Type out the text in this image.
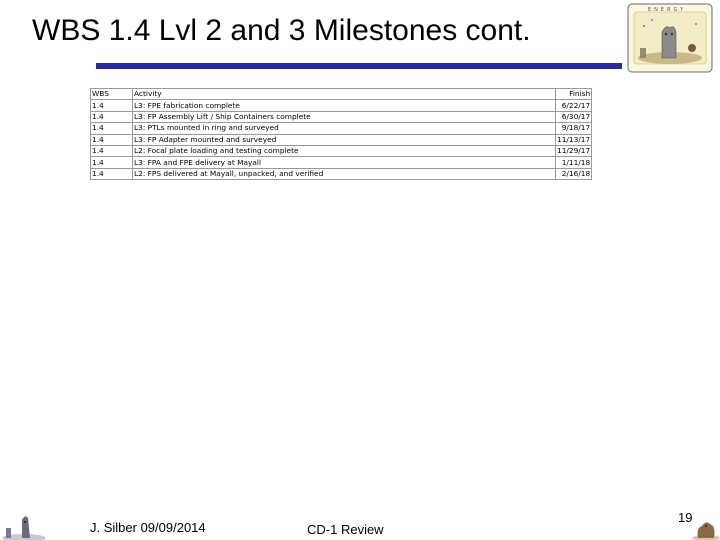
WBS 1.4 Lvl 2 and 3 Milestones cont.
ENERGY
WBS	Activity	Finish
1.4	L3: FPE fabrication complete	6/22/17
1.4	L3: FP Assembly Lift / Ship Containers complete	6/30/17
1.4	L3: PTLs mounted in ring and surveyed	9/18/17
1.4	L3: FP Adapter mounted and surveyed	11/13/17
1.4	L2: Focal plate loading and testing complete	11/29/17
1.4	L3: FPA and FPE delivery at Mayall	1/11/18
1.4	L2: FPS delivered at Mayall, unpacked, and verified	2/16/18
J. Silber 09/09/2014	CD-1 Review
19
